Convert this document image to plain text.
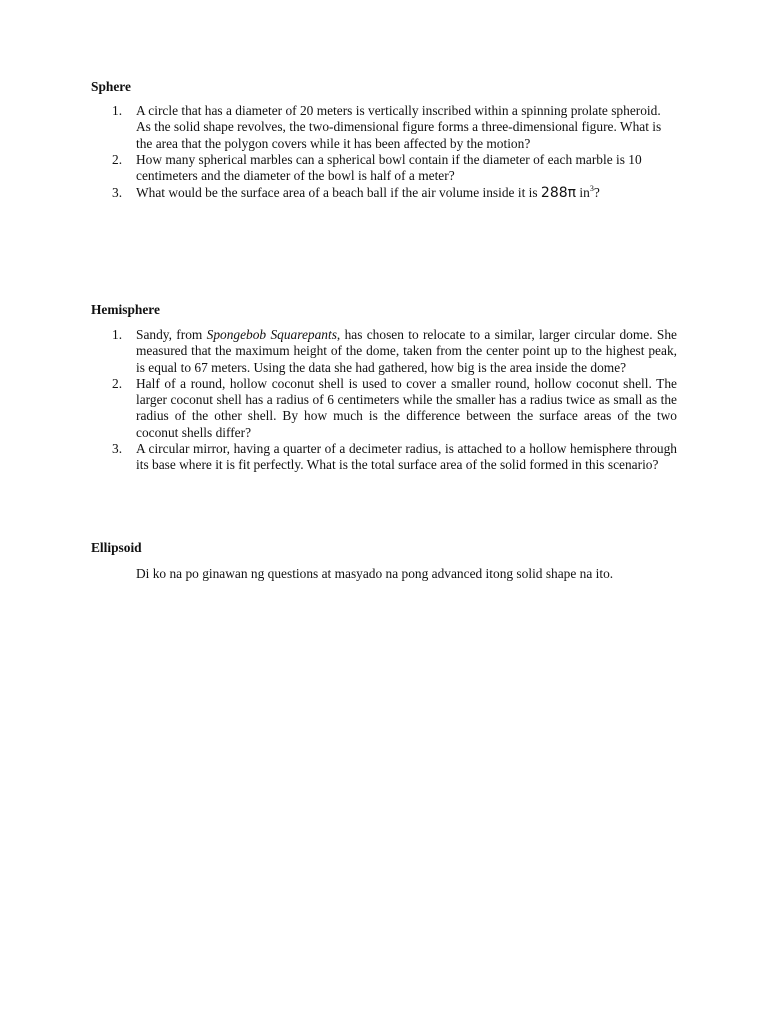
Sphere
1. A circle that has a diameter of 20 meters is vertically inscribed within a spinning prolate spheroid. As the solid shape revolves, the two-dimensional figure forms a three-dimensional figure. What is the area that the polygon covers while it has been affected by the motion?
2. How many spherical marbles can a spherical bowl contain if the diameter of each marble is 10 centimeters and the diameter of the bowl is half of a meter?
3. What would be the surface area of a beach ball if the air volume inside it is 288π $in^3$?
Hemisphere
1. Sandy, from Spongebob Squarepants, has chosen to relocate to a similar, larger circular dome. She measured that the maximum height of the dome, taken from the center point up to the highest peak, is equal to 67 meters. Using the data she had gathered, how big is the area inside the dome?
2. Half of a round, hollow coconut shell is used to cover a smaller round, hollow coconut shell. The larger coconut shell has a radius of 6 centimeters while the smaller has a radius twice as small as the radius of the other shell. By how much is the difference between the surface areas of the two coconut shells differ?
3. A circular mirror, having a quarter of a decimeter radius, is attached to a hollow hemisphere through its base where it is fit perfectly. What is the total surface area of the solid formed in this scenario?
Ellipsoid
Di ko na po ginawan ng questions at masyado na pong advanced itong solid shape na ito.
